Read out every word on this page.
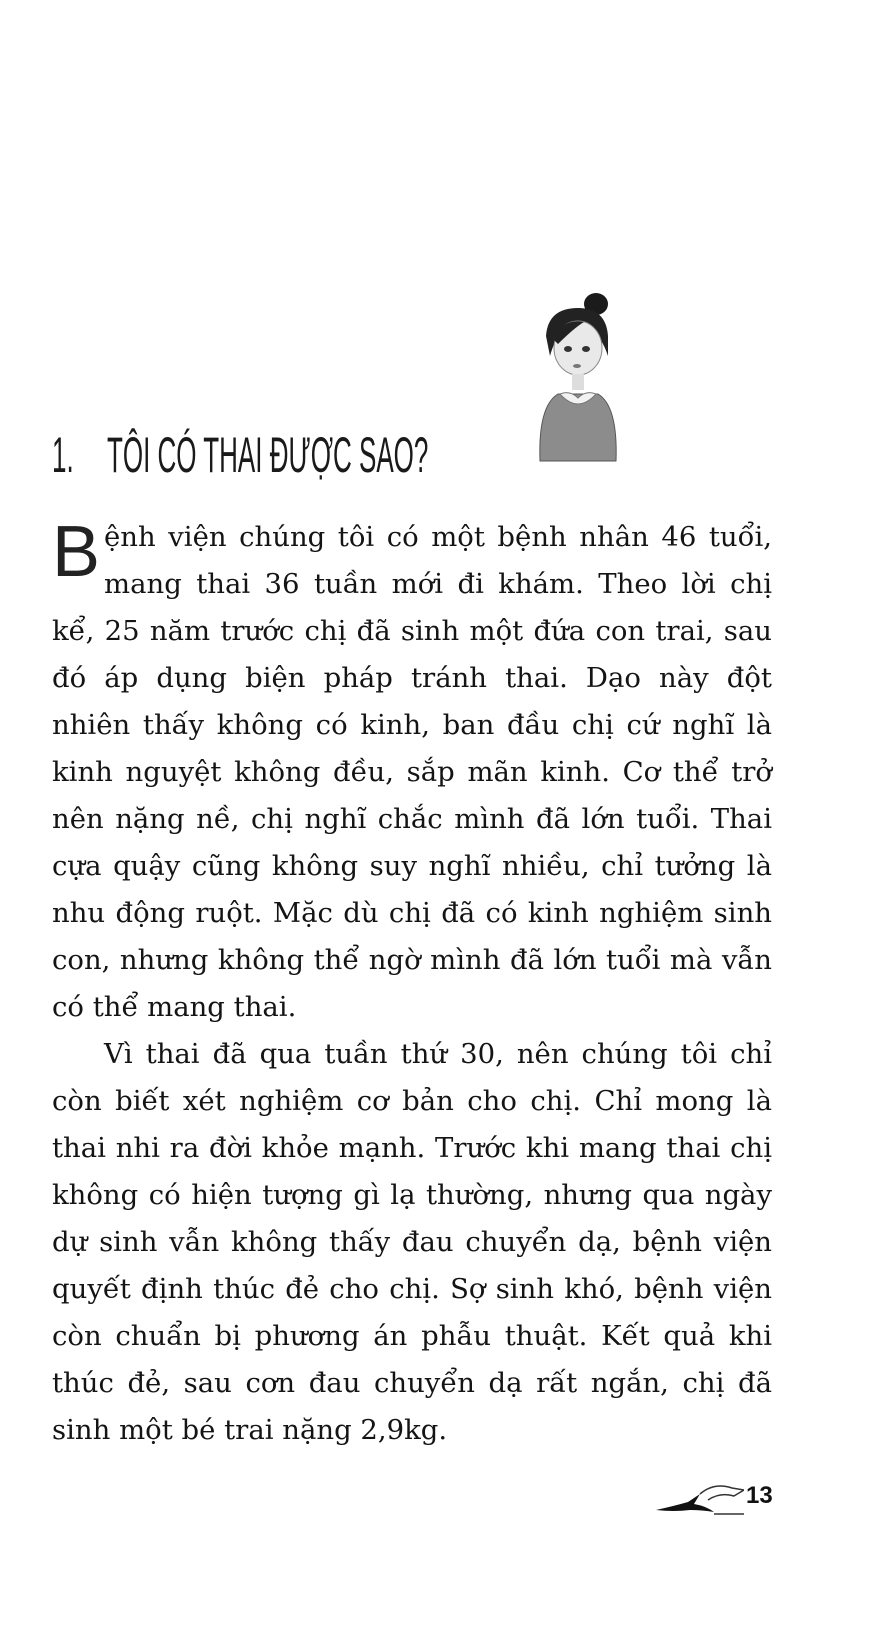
1. TÔI CÓ THAI ĐƯỢC SAO?

Bệnh viện chúng tôi có một bệnh nhân 46 tuổi, mang thai 36 tuần mới đi khám. Theo lời chị kể, 25 năm trước chị đã sinh một đứa con trai, sau đó áp dụng biện pháp tránh thai. Dạo này đột nhiên thấy không có kinh, ban đầu chị cứ nghĩ là kinh nguyệt không đều, sắp mãn kinh. Cơ thể trở nên nặng nề, chị nghĩ chắc mình đã lớn tuổi. Thai cựa quậy cũng không suy nghĩ nhiều, chỉ tưởng là nhu động ruột. Mặc dù chị đã có kinh nghiệm sinh con, nhưng không thể ngờ mình đã lớn tuổi mà vẫn có thể mang thai.

Vì thai đã qua tuần thứ 30, nên chúng tôi chỉ còn biết xét nghiệm cơ bản cho chị. Chỉ mong là thai nhi ra đời khỏe mạnh. Trước khi mang thai chị không có hiện tượng gì lạ thường, nhưng qua ngày dự sinh vẫn không thấy đau chuyển dạ, bệnh viện quyết định thúc đẻ cho chị. Sợ sinh khó, bệnh viện còn chuẩn bị phương án phẫu thuật. Kết quả khi thúc đẻ, sau cơn đau chuyển dạ rất ngắn, chị đã sinh một bé trai nặng 2,9kg.

13
